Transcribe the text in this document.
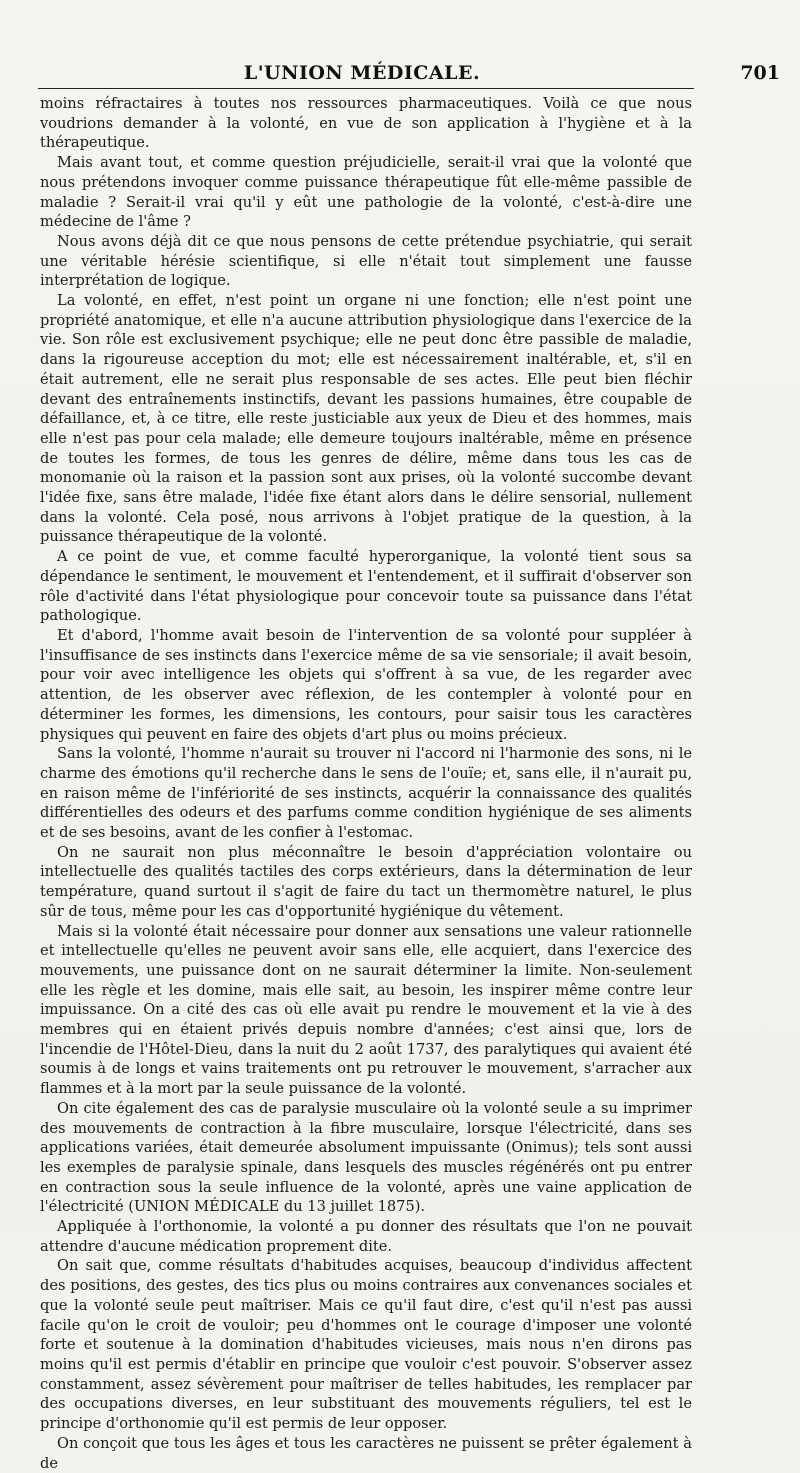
L'UNION MÉDICALE.	701

moins réfractaires à toutes nos ressources pharmaceutiques. Voilà ce que nous voudrions demander à la volonté, en vue de son application à l'hygiène et à la thérapeutique.

Mais avant tout, et comme question préjudicielle, serait-il vrai que la volonté que nous prétendons invoquer comme puissance thérapeutique fût elle-même passible de maladie ? Serait-il vrai qu'il y eût une pathologie de la volonté, c'est-à-dire une médecine de l'âme ?

Nous avons déjà dit ce que nous pensons de cette prétendue psychiatrie, qui serait une véritable hérésie scientifique, si elle n'était tout simplement une fausse interprétation de logique.

La volonté, en effet, n'est point un organe ni une fonction; elle n'est point une propriété anatomique, et elle n'a aucune attribution physiologique dans l'exercice de la vie. Son rôle est exclusivement psychique; elle ne peut donc être passible de maladie, dans la rigoureuse acception du mot; elle est nécessairement inaltérable, et, s'il en était autrement, elle ne serait plus responsable de ses actes. Elle peut bien fléchir devant des entraînements instinctifs, devant les passions humaines, être coupable de défaillance, et, à ce titre, elle reste justiciable aux yeux de Dieu et des hommes, mais elle n'est pas pour cela malade; elle demeure toujours inaltérable, même en présence de toutes les formes, de tous les genres de délire, même dans tous les cas de monomanie où la raison et la passion sont aux prises, où la volonté succombe devant l'idée fixe, sans être malade, l'idée fixe étant alors dans le délire sensorial, nullement dans la volonté. Cela posé, nous arrivons à l'objet pratique de la question, à la puissance thérapeutique de la volonté.

A ce point de vue, et comme faculté hyperorganique, la volonté tient sous sa dépendance le sentiment, le mouvement et l'entendement, et il suffirait d'observer son rôle d'activité dans l'état physiologique pour concevoir toute sa puissance dans l'état pathologique.

Et d'abord, l'homme avait besoin de l'intervention de sa volonté pour suppléer à l'insuffisance de ses instincts dans l'exercice même de sa vie sensoriale; il avait besoin, pour voir avec intelligence les objets qui s'offrent à sa vue, de les regarder avec attention, de les observer avec réflexion, de les contempler à volonté pour en déterminer les formes, les dimensions, les contours, pour saisir tous les caractères physiques qui peuvent en faire des objets d'art plus ou moins précieux.

Sans la volonté, l'homme n'aurait su trouver ni l'accord ni l'harmonie des sons, ni le charme des émotions qu'il recherche dans le sens de l'ouïe; et, sans elle, il n'aurait pu, en raison même de l'infériorité de ses instincts, acquérir la connaissance des qualités différentielles des odeurs et des parfums comme condition hygiénique de ses aliments et de ses besoins, avant de les confier à l'estomac.

On ne saurait non plus méconnaître le besoin d'appréciation volontaire ou intellectuelle des qualités tactiles des corps extérieurs, dans la détermination de leur température, quand surtout il s'agit de faire du tact un thermomètre naturel, le plus sûr de tous, même pour les cas d'opportunité hygiénique du vêtement.

Mais si la volonté était nécessaire pour donner aux sensations une valeur rationnelle et intellectuelle qu'elles ne peuvent avoir sans elle, elle acquiert, dans l'exercice des mouvements, une puissance dont on ne saurait déterminer la limite. Non-seulement elle les règle et les domine, mais elle sait, au besoin, les inspirer même contre leur impuissance. On a cité des cas où elle avait pu rendre le mouvement et la vie à des membres qui en étaient privés depuis nombre d'années; c'est ainsi que, lors de l'incendie de l'Hôtel-Dieu, dans la nuit du 2 août 1737, des paralytiques qui avaient été soumis à de longs et vains traitements ont pu retrouver le mouvement, s'arracher aux flammes et à la mort par la seule puissance de la volonté.

On cite également des cas de paralysie musculaire où la volonté seule a su imprimer des mouvements de contraction à la fibre musculaire, lorsque l'électricité, dans ses applications variées, était demeurée absolument impuissante (Onimus); tels sont aussi les exemples de paralysie spinale, dans lesquels des muscles régénérés ont pu entrer en contraction sous la seule influence de la volonté, après une vaine application de l'électricité (UNION MÉDICALE du 13 juillet 1875).

Appliquée à l'orthonomie, la volonté a pu donner des résultats que l'on ne pouvait attendre d'aucune médication proprement dite.

On sait que, comme résultats d'habitudes acquises, beaucoup d'individus affectent des positions, des gestes, des tics plus ou moins contraires aux convenances sociales et que la volonté seule peut maîtriser. Mais ce qu'il faut dire, c'est qu'il n'est pas aussi facile qu'on le croit de vouloir; peu d'hommes ont le courage d'imposer une volonté forte et soutenue à la domination d'habitudes vicieuses, mais nous n'en dirons pas moins qu'il est permis d'établir en principe que vouloir c'est pouvoir. S'observer assez constamment, assez sévèrement pour maîtriser de telles habitudes, les remplacer par des occupations diverses, en leur substituant des mouvements réguliers, tel est le principe d'orthonomie qu'il est permis de leur opposer.

On conçoit que tous les âges et tous les caractères ne puissent se prêter également à de
